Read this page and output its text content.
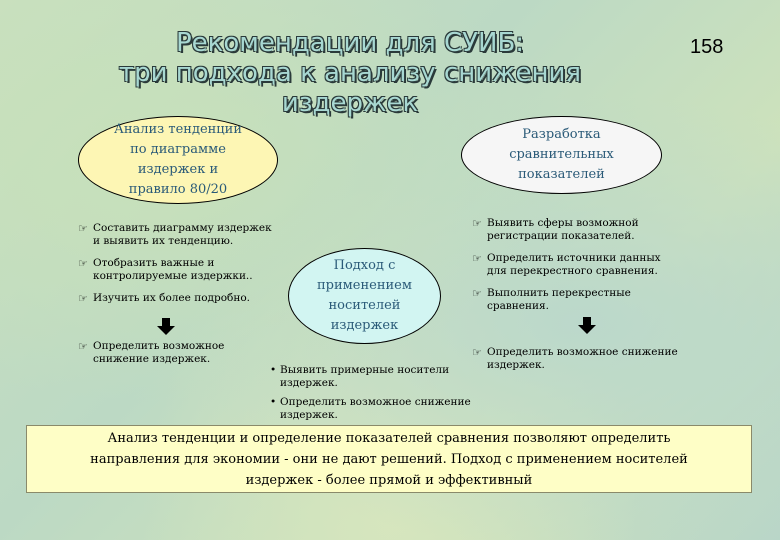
Рекомендации для СУИБ:
три подхода к анализу снижения издержек
158
Анализ тенденции
по диаграмме
издержек и
правило 80/20
Разработка
сравнительных
показателей
Подход с
применением
носителей
издержек
☞ Составить диаграмму издержек
и выявить их тенденцию.
☞ Отобразить важные и
контролируемые издержки..
☞ Изучить их более подробно.
☞ Определить возможное
снижение издержек.
☞ Выявить сферы возможной
регистрации показателей.
☞ Определить источники данных
для перекрестного сравнения.
☞ Выполнить перекрестные
сравнения.
☞ Определить возможное снижение
издержек.
• Выявить примерные носители
издержек.
• Определить возможное снижение
издержек.
Анализ тенденции и определение показателей сравнения позволяют определить
направления для экономии - они не дают решений. Подход с применением носителей
издержек - более прямой и эффективный
